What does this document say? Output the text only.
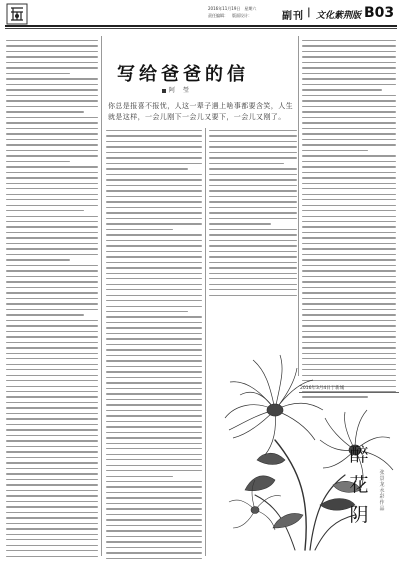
2016年11月19日 星期六
责任编辑： 版面设计：	副刊 | 文化紫荆版 B03
写给爸爸的信
阿　瑩
你总是报喜不报忧，人这一辈子遇上啥事都要含笑，人生就是这样，一会儿刚下一会儿又要下，一会儿又刚了。
2016年3月4日于新城
醉花阴
张景龙水彩作品
